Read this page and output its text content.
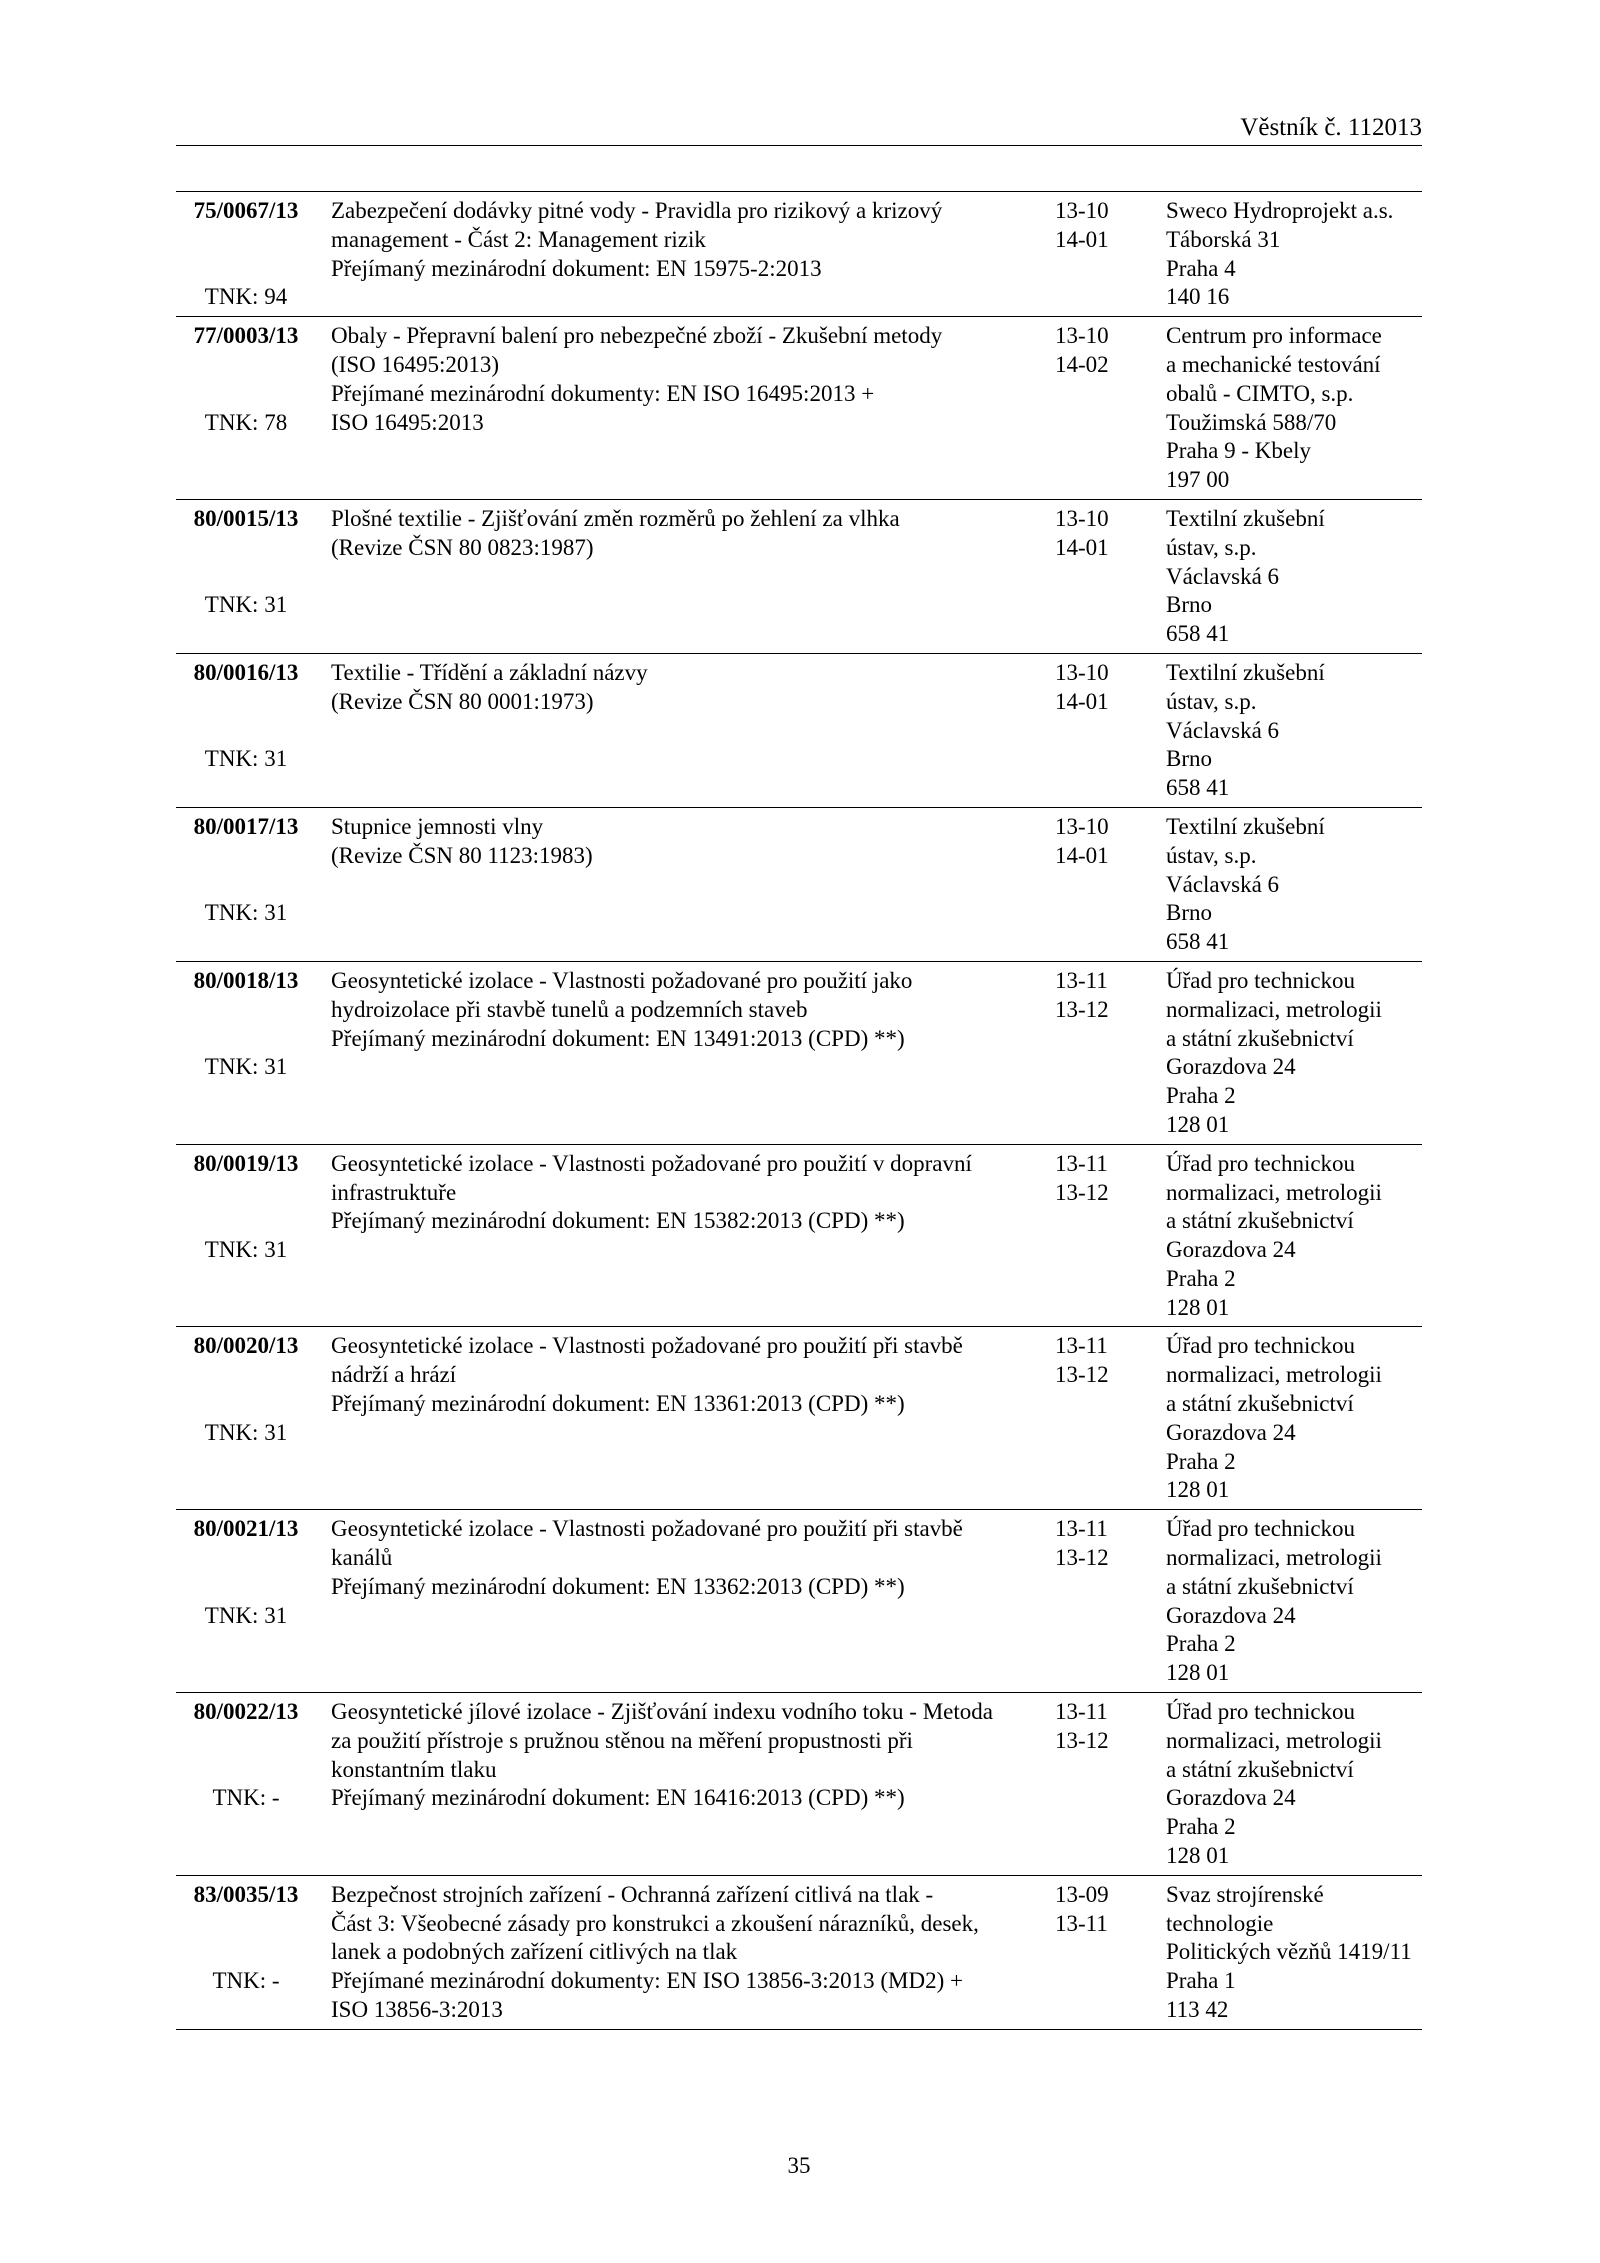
Věstník č. 112013
75/0067/13
TNK: 94
Zabezpečení dodávky pitné vody - Pravidla pro rizikový a krizový
management - Část 2: Management rizik
Přejímaný mezinárodní dokument: EN 15975-2:2013
13-10
14-01
Sweco Hydroprojekt a.s.
Táborská 31
Praha 4
140 16
77/0003/13
TNK: 78
Obaly - Přepravní balení pro nebezpečné zboží - Zkušební metody
(ISO 16495:2013)
Přejímané mezinárodní dokumenty: EN ISO 16495:2013 +
ISO 16495:2013
13-10
14-02
Centrum pro informace
a mechanické testování
obalů - CIMTO, s.p.
Toužimská 588/70
Praha 9 - Kbely
197 00
80/0015/13
TNK: 31
Plošné textilie - Zjišťování změn rozměrů po žehlení za vlhka
(Revize ČSN 80 0823:1987)
13-10
14-01
Textilní zkušební
ústav, s.p.
Václavská 6
Brno
658 41
80/0016/13
TNK: 31
Textilie - Třídění a základní názvy
(Revize ČSN 80 0001:1973)
13-10
14-01
Textilní zkušební
ústav, s.p.
Václavská 6
Brno
658 41
80/0017/13
TNK: 31
Stupnice jemnosti vlny
(Revize ČSN 80 1123:1983)
13-10
14-01
Textilní zkušební
ústav, s.p.
Václavská 6
Brno
658 41
80/0018/13
TNK: 31
Geosyntetické izolace - Vlastnosti požadované pro použití jako
hydroizolace při stavbě tunelů a podzemních staveb
Přejímaný mezinárodní dokument: EN 13491:2013 (CPD) **)
13-11
13-12
Úřad pro technickou
normalizaci, metrologii
a státní zkušebnictví
Gorazdova 24
Praha 2
128 01
80/0019/13
TNK: 31
Geosyntetické izolace - Vlastnosti požadované pro použití v dopravní
infrastruktuře
Přejímaný mezinárodní dokument: EN 15382:2013 (CPD) **)
13-11
13-12
Úřad pro technickou
normalizaci, metrologii
a státní zkušebnictví
Gorazdova 24
Praha 2
128 01
80/0020/13
TNK: 31
Geosyntetické izolace - Vlastnosti požadované pro použití při stavbě
nádrží a hrází
Přejímaný mezinárodní dokument: EN 13361:2013 (CPD) **)
13-11
13-12
Úřad pro technickou
normalizaci, metrologii
a státní zkušebnictví
Gorazdova 24
Praha 2
128 01
80/0021/13
TNK: 31
Geosyntetické izolace - Vlastnosti požadované pro použití při stavbě
kanálů
Přejímaný mezinárodní dokument: EN 13362:2013 (CPD) **)
13-11
13-12
Úřad pro technickou
normalizaci, metrologii
a státní zkušebnictví
Gorazdova 24
Praha 2
128 01
80/0022/13
TNK: -
Geosyntetické jílové izolace - Zjišťování indexu vodního toku - Metoda
za použití přístroje s pružnou stěnou na měření propustnosti při
konstantním tlaku
Přejímaný mezinárodní dokument: EN 16416:2013 (CPD) **)
13-11
13-12
Úřad pro technickou
normalizaci, metrologii
a státní zkušebnictví
Gorazdova 24
Praha 2
128 01
83/0035/13
TNK: -
Bezpečnost strojních zařízení - Ochranná zařízení citlivá na tlak -
Část 3: Všeobecné zásady pro konstrukci a zkoušení nárazníků, desek,
lanek a podobných zařízení citlivých na tlak
Přejímané mezinárodní dokumenty: EN ISO 13856-3:2013 (MD2) +
ISO 13856-3:2013
13-09
13-11
Svaz strojírenské
technologie
Politických vězňů 1419/11
Praha 1
113 42
35
